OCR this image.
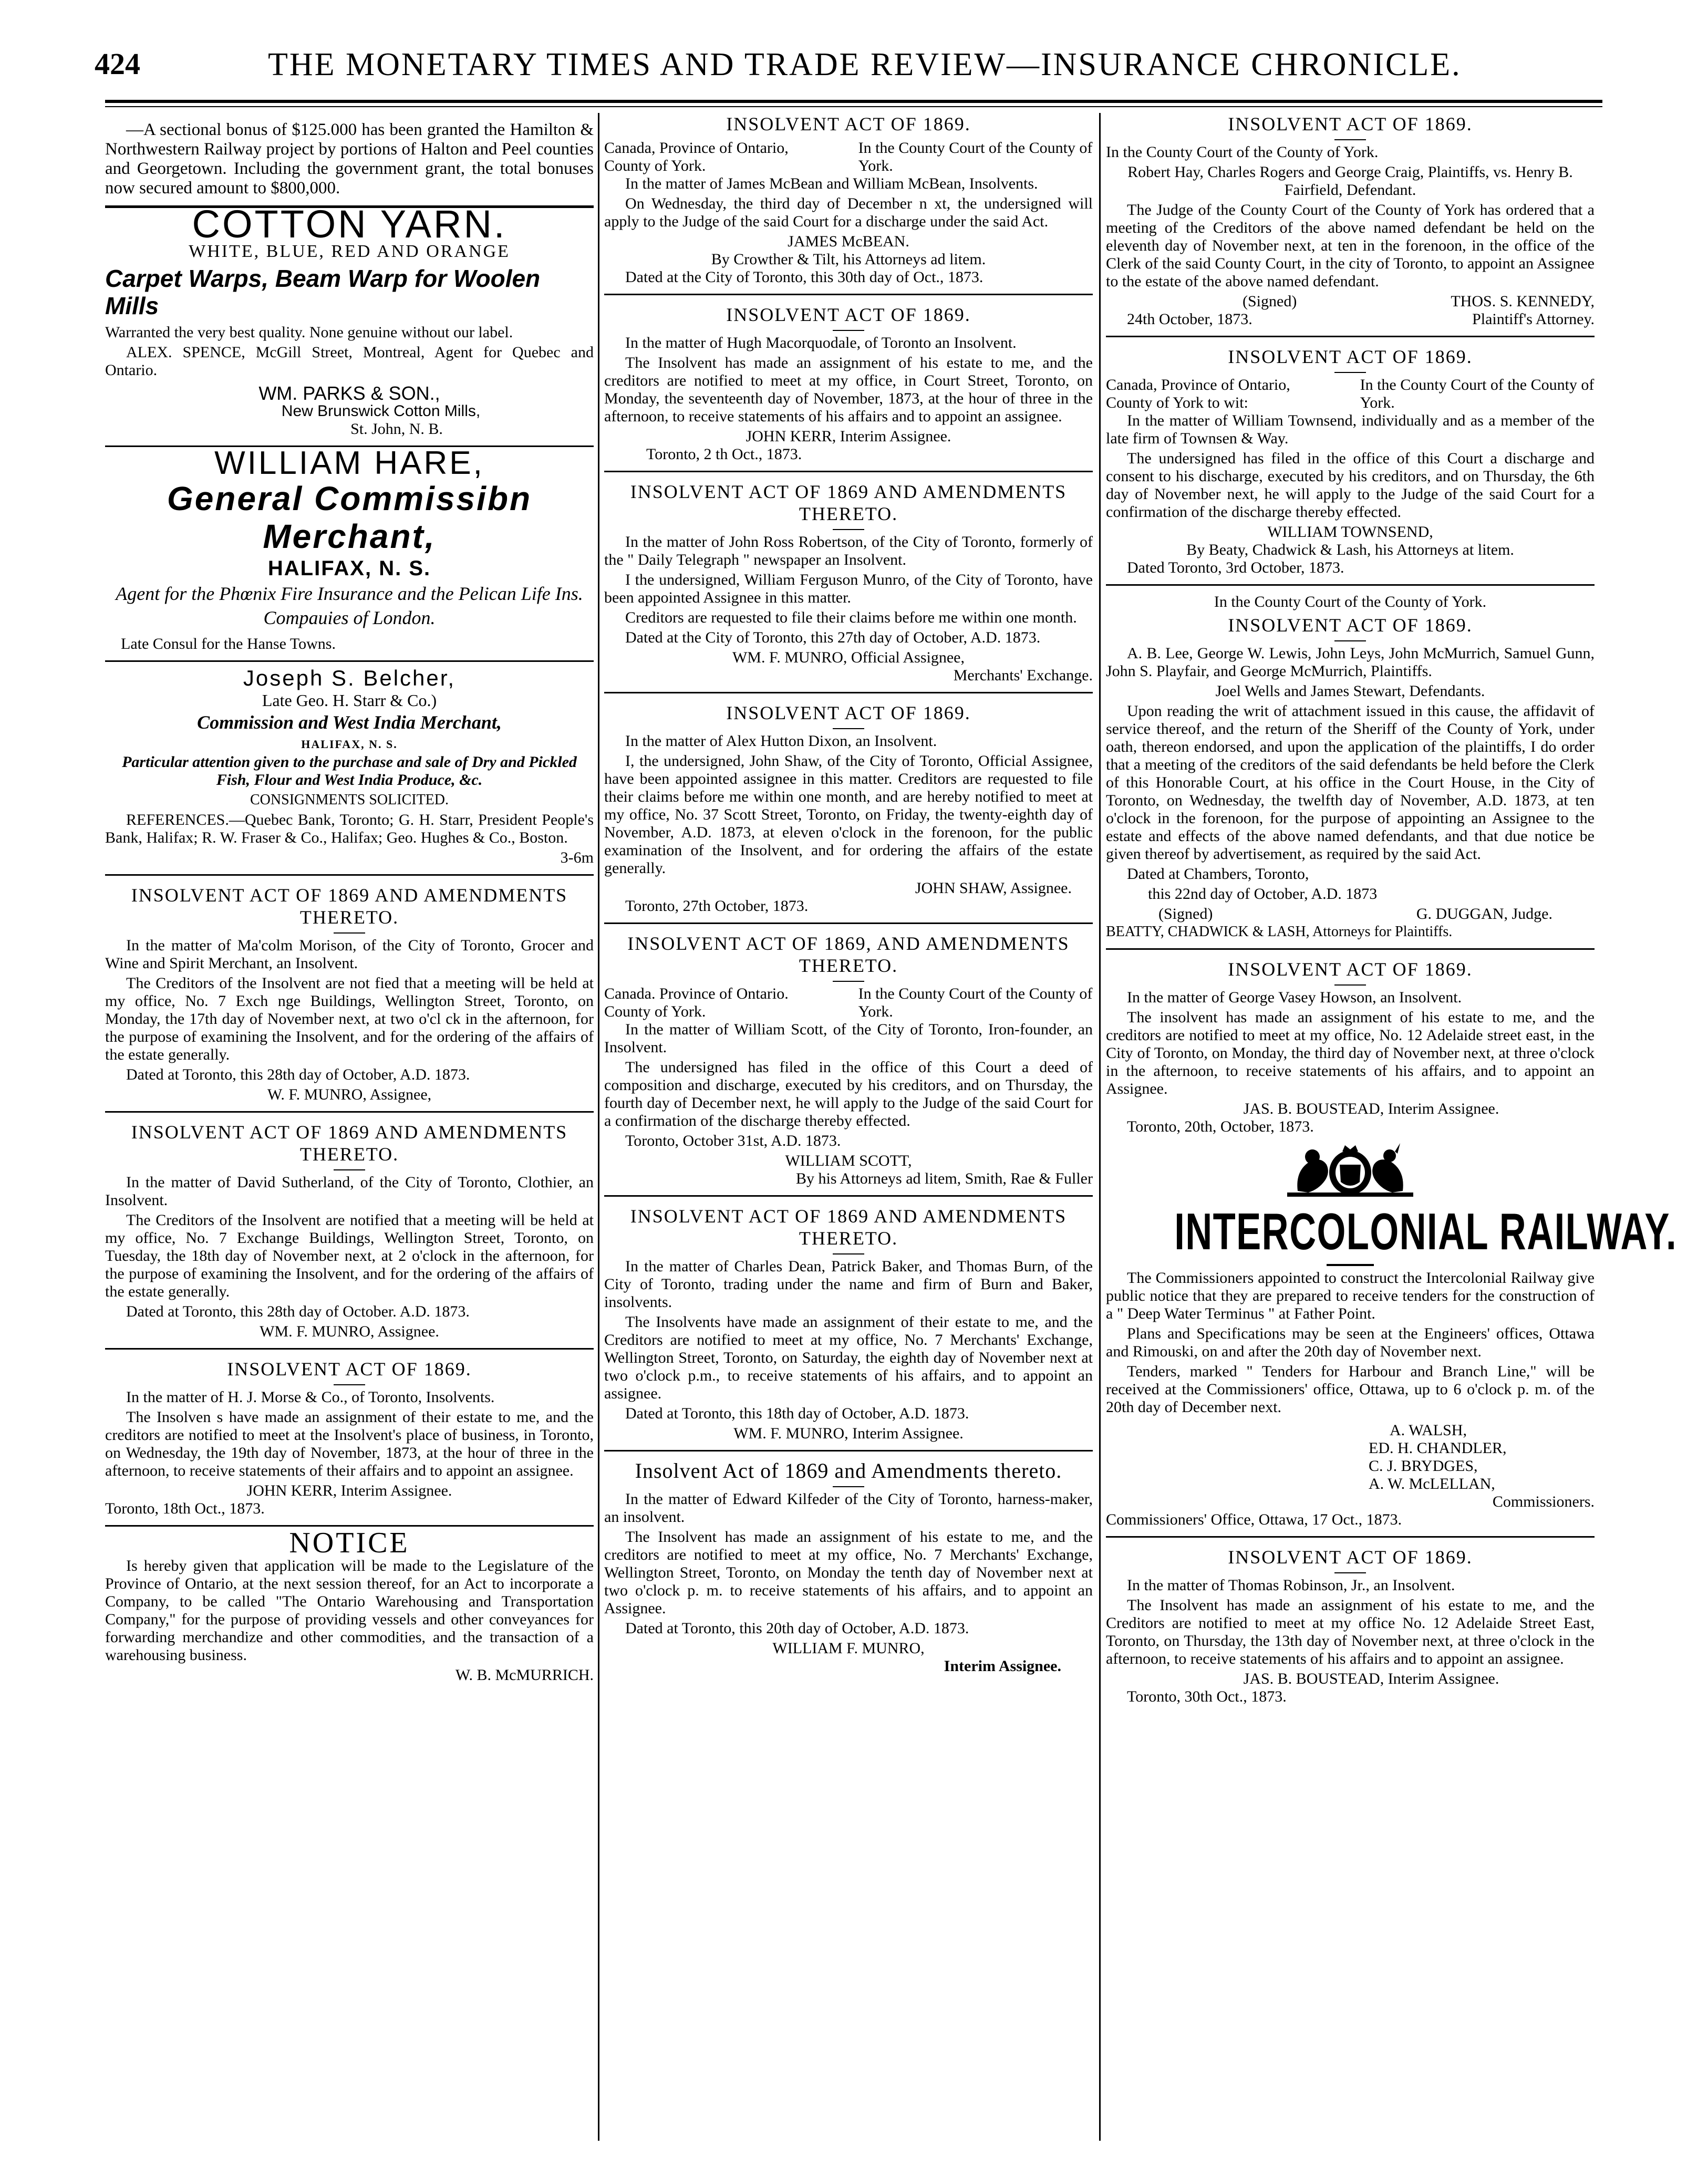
424	THE MONETARY TIMES AND TRADE REVIEW—INSURANCE CHRONICLE.

—A sectional bonus of $125.000 has been granted the Hamilton & Northwestern Railway project by portions of Halton and Peel counties and Georgetown. Including the government grant, the total bonuses now secured amount to $800,000.

COTTON YARN.
WHITE, BLUE, RED AND ORANGE
Carpet Warps, Beam Warp for Woolen Mills

Warranted the very best quality. None genuine without our label.

ALEX. SPENCE, McGill Street, Montreal, Agent for Quebec and Ontario.

WM. PARKS & SON.,
New Brunswick Cotton Mills,
St. John, N. B.
WILLIAM HARE,
General Commissibn Merchant,
HALIFAX, N. S.

Agent for the Phœnix Fire Insurance and the Pelican Life Ins. Compauies of London.

Late Consul for the Hanse Towns.

Joseph S. Belcher,
Late Geo. H. Starr & Co.)
Commission and West India Merchant,
HALIFAX, N. S.

Particular attention given to the purchase and sale of Dry and Pickled Fish, Flour and West India Produce, &c.

CONSIGNMENTS SOLICITED.

REFERENCES.—Quebec Bank, Toronto; G. H. Starr, President People's Bank, Halifax; R. W. Fraser & Co., Halifax; Geo. Hughes & Co., Boston.

3-6m
INSOLVENT ACT OF 1869 AND AMENDMENTS THERETO.

In the matter of Ma'colm Morison, of the City of Toronto, Grocer and Wine and Spirit Merchant, an Insolvent.

The Creditors of the Insolvent are not fied that a meeting will be held at my office, No. 7 Exch nge Buildings, Wellington Street, Toronto, on Monday, the 17th day of November next, at two o'cl ck in the afternoon, for the purpose of examining the Insolvent, and for the ordering of the affairs of the estate generally.

Dated at Toronto, this 28th day of October, A.D. 1873.

W. F. MUNRO, Assignee,
INSOLVENT ACT OF 1869 AND AMENDMENTS THERETO.

In the matter of David Sutherland, of the City of Toronto, Clothier, an Insolvent.

The Creditors of the Insolvent are notified that a meeting will be held at my office, No. 7 Exchange Buildings, Wellington Street, Toronto, on Tuesday, the 18th day of November next, at 2 o'clock in the afternoon, for the purpose of examining the Insolvent, and for the ordering of the affairs of the estate generally.

Dated at Toronto, this 28th day of October. A.D. 1873.

WM. F. MUNRO, Assignee.
INSOLVENT ACT OF 1869.

In the matter of H. J. Morse & Co., of Toronto, Insolvents.

The Insolven s have made an assignment of their estate to me, and the creditors are notified to meet at the Insolvent's place of business, in Toronto, on Wednesday, the 19th day of November, 1873, at the hour of three in the afternoon, to receive statements of their affairs and to appoint an assignee.

JOHN KERR, Interim Assignee.
Toronto, 18th Oct., 1873.
NOTICE

Is hereby given that application will be made to the Legislature of the Province of Ontario, at the next session thereof, for an Act to incorporate a Company, to be called "The Ontario Warehousing and Transportation Company," for the purpose of providing vessels and other conveyances for forwarding merchandize and other commodities, and the transaction of a warehousing business.

W. B. McMURRICH.
INSOLVENT ACT OF 1869.
Canada, Province of Ontario, County of York.
In the County Court of the County of York.

In the matter of James McBean and William McBean, Insolvents.

On Wednesday, the third day of December n xt, the undersigned will apply to the Judge of the said Court for a discharge under the said Act.

JAMES McBEAN.
By Crowther & Tilt, his Attorneys ad litem.

Dated at the City of Toronto, this 30th day of Oct., 1873.

INSOLVENT ACT OF 1869.

In the matter of Hugh Macorquodale, of Toronto an Insolvent.

The Insolvent has made an assignment of his estate to me, and the creditors are notified to meet at my office, in Court Street, Toronto, on Monday, the seventeenth day of November, 1873, at the hour of three in the afternoon, to receive statements of his affairs and to appoint an assignee.

JOHN KERR, Interim Assignee.
Toronto, 2 th Oct., 1873.
INSOLVENT ACT OF 1869 AND AMENDMENTS THERETO.

In the matter of John Ross Robertson, of the City of Toronto, formerly of the " Daily Telegraph " newspaper an Insolvent.

I the undersigned, William Ferguson Munro, of the City of Toronto, have been appointed Assignee in this matter.

Creditors are requested to file their claims before me within one month.

Dated at the City of Toronto, this 27th day of October, A.D. 1873.

WM. F. MUNRO, Official Assignee,
Merchants' Exchange.
INSOLVENT ACT OF 1869.

In the matter of Alex Hutton Dixon, an Insolvent.

I, the undersigned, John Shaw, of the City of Toronto, Official Assignee, have been appointed assignee in this matter. Creditors are requested to file their claims before me within one month, and are hereby notified to meet at my office, No. 37 Scott Street, Toronto, on Friday, the twenty-eighth day of November, A.D. 1873, at eleven o'clock in the forenoon, for the public examination of the Insolvent, and for ordering the affairs of the estate generally.

JOHN SHAW, Assignee.
Toronto, 27th October, 1873.
INSOLVENT ACT OF 1869, AND AMENDMENTS THERETO.
Canada. Province of Ontario. County of York.
In the County Court of the County of York.

In the matter of William Scott, of the City of Toronto, Iron-founder, an Insolvent.

The undersigned has filed in the office of this Court a deed of composition and discharge, executed by his creditors, and on Thursday, the fourth day of December next, he will apply to the Judge of the said Court for a confirmation of the discharge thereby effected.

Toronto, October 31st, A.D. 1873.

WILLIAM SCOTT,
By his Attorneys ad litem, Smith, Rae & Fuller
INSOLVENT ACT OF 1869 AND AMENDMENTS THERETO.

In the matter of Charles Dean, Patrick Baker, and Thomas Burn, of the City of Toronto, trading under the name and firm of Burn and Baker, insolvents.

The Insolvents have made an assignment of their estate to me, and the Creditors are notified to meet at my office, No. 7 Merchants' Exchange, Wellington Street, Toronto, on Saturday, the eighth day of November next at two o'clock p.m., to receive statements of his affairs, and to appoint an assignee.

Dated at Toronto, this 18th day of October, A.D. 1873.

WM. F. MUNRO, Interim Assignee.
Insolvent Act of 1869 and Amendments thereto.

In the matter of Edward Kilfeder of the City of Toronto, harness-maker, an insolvent.

The Insolvent has made an assignment of his estate to me, and the creditors are notified to meet at my office, No. 7 Merchants' Exchange, Wellington Street, Toronto, on Monday the tenth day of November next at two o'clock p. m. to receive statements of his affairs, and to appoint an Assignee.

Dated at Toronto, this 20th day of October, A.D. 1873.

WILLIAM F. MUNRO,
Interim Assignee.
INSOLVENT ACT OF 1869.

In the County Court of the County of York.

Robert Hay, Charles Rogers and George Craig, Plaintiffs, vs. Henry B. Fairfield, Defendant.

The Judge of the County Court of the County of York has ordered that a meeting of the Creditors of the above named defendant be held on the eleventh day of November next, at ten in the forenoon, in the office of the Clerk of the said County Court, in the city of Toronto, to appoint an Assignee to the estate of the above named defendant.

(Signed)	THOS. S. KENNEDY,
24th October, 1873.	Plaintiff's Attorney.
INSOLVENT ACT OF 1869.
Canada, Province of Ontario, County of York to wit:
In the County Court of the County of York.

In the matter of William Townsend, individually and as a member of the late firm of Townsen & Way.

The undersigned has filed in the office of this Court a discharge and consent to his discharge, executed by his creditors, and on Thursday, the 6th day of November next, he will apply to the Judge of the said Court for a confirmation of the discharge thereby effected.

WILLIAM TOWNSEND,
By Beaty, Chadwick & Lash, his Attorneys at litem.
Dated Toronto, 3rd October, 1873.
In the County Court of the County of York.
INSOLVENT ACT OF 1869.

A. B. Lee, George W. Lewis, John Leys, John McMurrich, Samuel Gunn, John S. Playfair, and George McMurrich, Plaintiffs.

Joel Wells and James Stewart, Defendants.

Upon reading the writ of attachment issued in this cause, the affidavit of service thereof, and the return of the Sheriff of the County of York, under oath, thereon endorsed, and upon the application of the plaintiffs, I do order that a meeting of the creditors of the said defendants be held before the Clerk of this Honorable Court, at his office in the Court House, in the City of Toronto, on Wednesday, the twelfth day of November, A.D. 1873, at ten o'clock in the forenoon, for the purpose of appointing an Assignee to the estate and effects of the above named defendants, and that due notice be given thereof by advertisement, as required by the said Act.

Dated at Chambers, Toronto,

this 22nd day of October, A.D. 1873

(Signed)	G. DUGGAN, Judge.
BEATTY, CHADWICK & LASH, Attorneys for Plaintiffs.
INSOLVENT ACT OF 1869.

In the matter of George Vasey Howson, an Insolvent.

The insolvent has made an assignment of his estate to me, and the creditors are notified to meet at my office, No. 12 Adelaide street east, in the City of Toronto, on Monday, the third day of November next, at three o'clock in the afternoon, to receive statements of his affairs, and to appoint an Assignee.

JAS. B. BOUSTEAD, Interim Assignee.
Toronto, 20th, October, 1873.
INTERCOLONIAL RAILWAY.

The Commissioners appointed to construct the Intercolonial Railway give public notice that they are prepared to receive tenders for the construction of a " Deep Water Terminus " at Father Point.

Plans and Specifications may be seen at the Engineers' offices, Ottawa and Rimouski, on and after the 20th day of November next.

Tenders, marked " Tenders for Harbour and Branch Line," will be received at the Commissioners' office, Ottawa, up to 6 o'clock p. m. of the 20th day of December next.

A. WALSH,
ED. H. CHANDLER,
C. J. BRYDGES,
A. W. McLELLAN,
Commissioners.
Commissioners' Office, Ottawa, 17 Oct., 1873.
INSOLVENT ACT OF 1869.

In the matter of Thomas Robinson, Jr., an Insolvent.

The Insolvent has made an assignment of his estate to me, and the Creditors are notified to meet at my office No. 12 Adelaide Street East, Toronto, on Thursday, the 13th day of November next, at three o'clock in the afternoon, to receive statements of his affairs and to appoint an assignee.

JAS. B. BOUSTEAD, Interim Assignee.
Toronto, 30th Oct., 1873.
